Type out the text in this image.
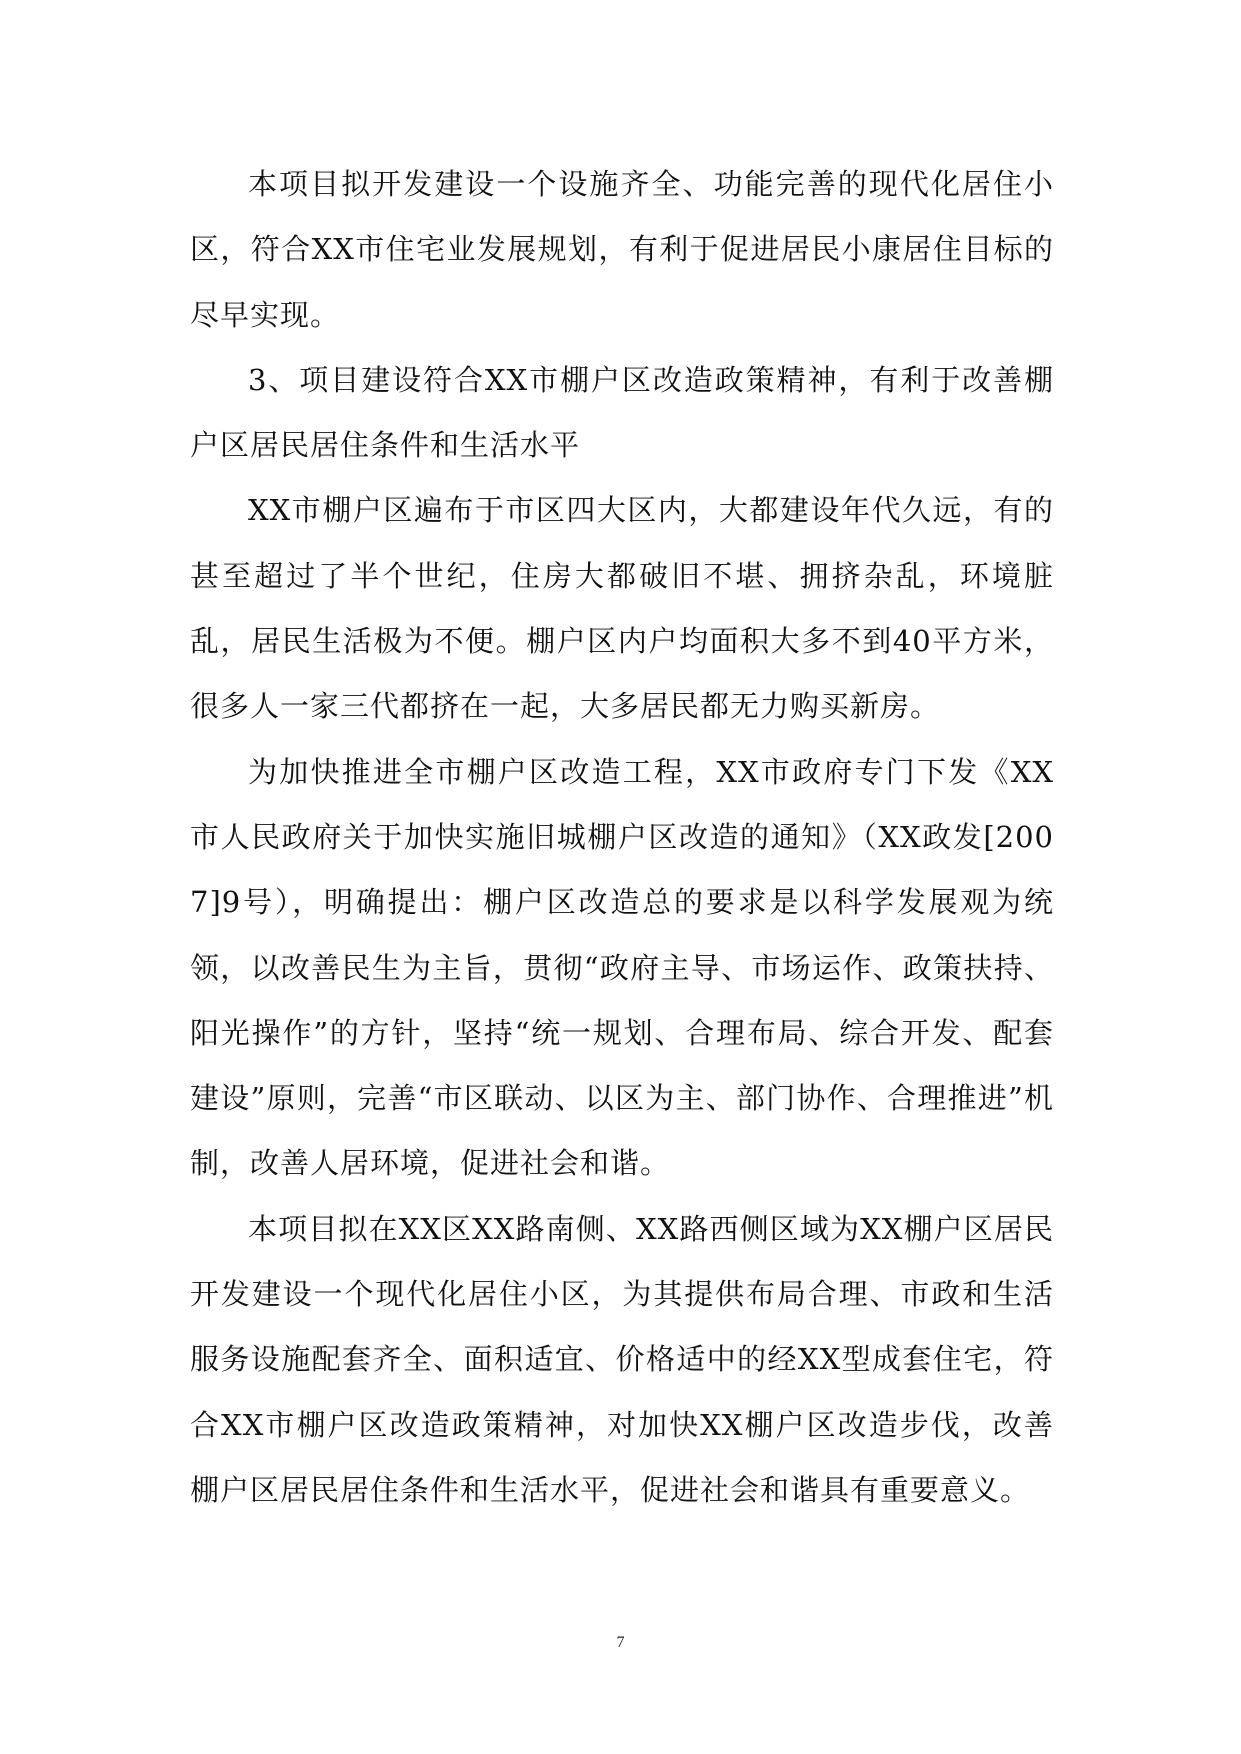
本项目拟开发建设一个设施齐全、功能完善的现代化居住小区，符合XX市住宅业发展规划，有利于促进居民小康居住目标的尽早实现。

3、项目建设符合XX市棚户区改造政策精神，有利于改善棚户区居民居住条件和生活水平

XX市棚户区遍布于市区四大区内，大都建设年代久远，有的甚至超过了半个世纪，住房大都破旧不堪、拥挤杂乱，环境脏乱，居民生活极为不便。棚户区内户均面积大多不到40平方米，很多人一家三代都挤在一起，大多居民都无力购买新房。

为加快推进全市棚户区改造工程，XX市政府专门下发《XX市人民政府关于加快实施旧城棚户区改造的通知》（XX政发[2007]9号），明确提出：棚户区改造总的要求是以科学发展观为统领，以改善民生为主旨，贯彻“政府主导、市场运作、政策扶持、阳光操作”的方针，坚持“统一规划、合理布局、综合开发、配套建设”原则，完善“市区联动、以区为主、部门协作、合理推进”机制，改善人居环境，促进社会和谐。

本项目拟在XX区XX路南侧、XX路西侧区域为XX棚户区居民开发建设一个现代化居住小区，为其提供布局合理、市政和生活服务设施配套齐全、面积适宜、价格适中的经XX型成套住宅，符合XX市棚户区改造政策精神，对加快XX棚户区改造步伐，改善棚户区居民居住条件和生活水平，促进社会和谐具有重要意义。

7
